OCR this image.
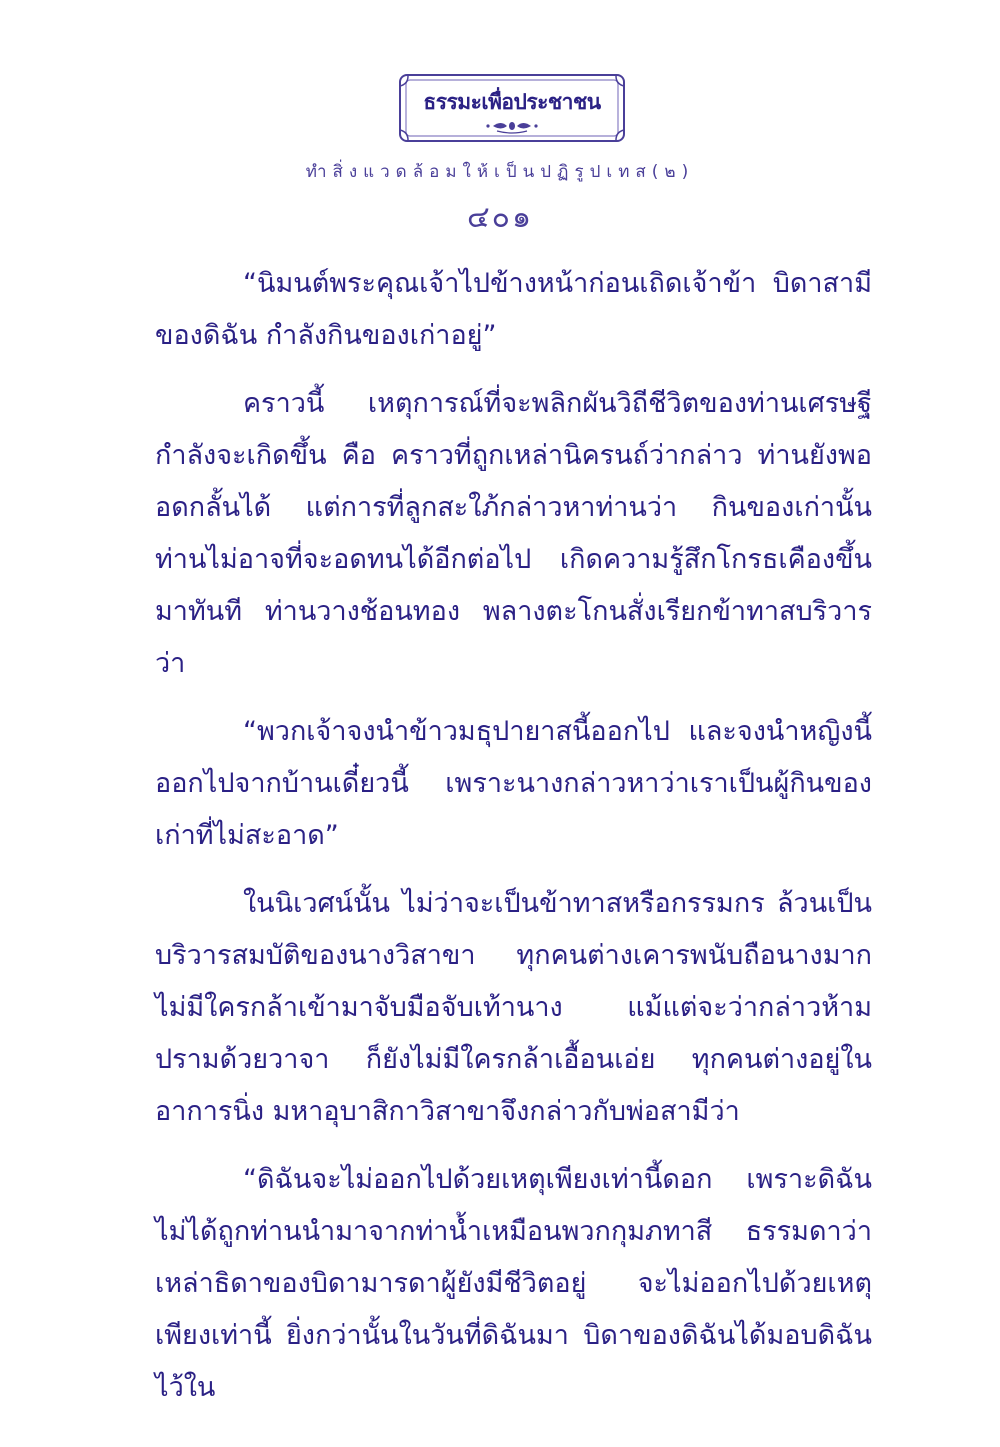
ธรรมะเพื่อประชาชน
ทำสิ่งแวดล้อมให้เป็นปฏิรูปเทส(๒)
๔๐๑

“นิมนต์พระคุณเจ้าไปข้างหน้าก่อนเถิดเจ้าข้า บิดาสามีของดิฉัน กำลังกินของเก่าอยู่”

คราวนี้ เหตุการณ์ที่จะพลิกผันวิถีชีวิตของท่านเศรษฐีกำลังจะเกิดขึ้น คือ คราวที่ถูกเหล่านิครนถ์ว่ากล่าว ท่านยังพออดกลั้นได้ แต่การที่ลูกสะใภ้กล่าวหาท่านว่า กินของเก่านั้น ท่านไม่อาจที่จะอดทนได้อีกต่อไป เกิดความรู้สึกโกรธเคืองขึ้นมาทันที ท่านวางช้อนทอง พลางตะโกนสั่งเรียกข้าทาสบริวารว่า

“พวกเจ้าจงนำข้าวมธุปายาสนี้ออกไป และจงนำหญิงนี้ออกไปจากบ้านเดี๋ยวนี้ เพราะนางกล่าวหาว่าเราเป็นผู้กินของเก่าที่ไม่สะอาด”

ในนิเวศน์นั้น ไม่ว่าจะเป็นข้าทาสหรือกรรมกร ล้วนเป็นบริวารสมบัติของนางวิสาขา ทุกคนต่างเคารพนับถือนางมาก ไม่มีใครกล้าเข้ามาจับมือจับเท้านาง แม้แต่จะว่ากล่าวห้ามปรามด้วยวาจา ก็ยังไม่มีใครกล้าเอื้อนเอ่ย ทุกคนต่างอยู่ในอาการนิ่ง มหาอุบาสิกาวิสาขาจึงกล่าวกับพ่อสามีว่า

“ดิฉันจะไม่ออกไปด้วยเหตุเพียงเท่านี้ดอก เพราะดิฉันไม่ได้ถูกท่านนำมาจากท่าน้ำเหมือนพวกกุมภทาสี ธรรมดาว่าเหล่าธิดาของบิดามารดาผู้ยังมีชีวิตอยู่ จะไม่ออกไปด้วยเหตุเพียงเท่านี้ ยิ่งกว่านั้นในวันที่ดิฉันมา บิดาของดิฉันได้มอบดิฉันไว้ใน
